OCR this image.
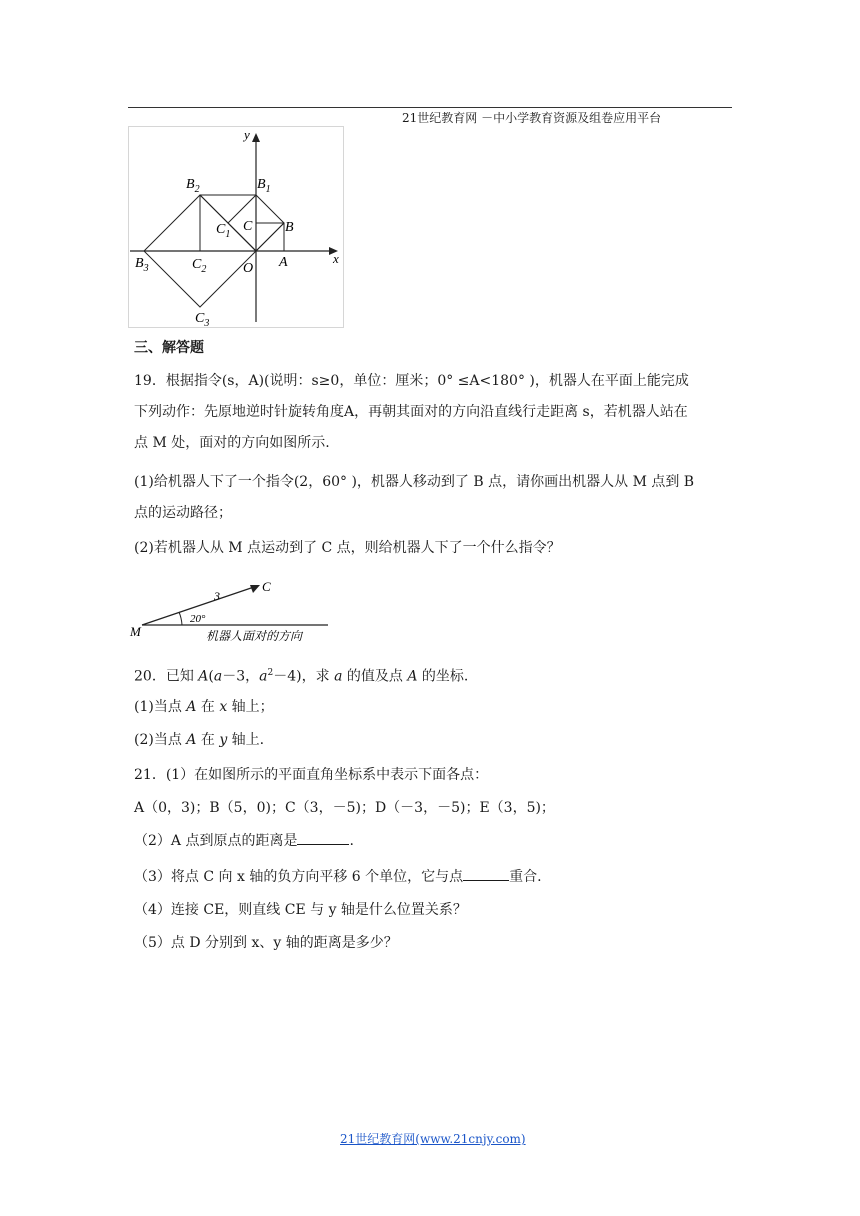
21世纪教育网 －中小学教育资源及组卷应用平台
y
x
$B_2$	$B_1$
C
$C_1$	B
$B_3$	$C_2$	O A
$C_3$
三、解答题
19．根据指令(s，A)(说明：s≥0，单位：厘米；0° ≤A<180° )，机器人在平面上能完成
下列动作：先原地逆时针旋转角度A，再朝其面对的方向沿直线行走距离 s，若机器人站在
点 M 处，面对的方向如图所示.
(1)给机器人下了一个指令(2，60° )，机器人移动到了 B 点，请你画出机器人从 M 点到 B
点的运动路径；
(2)若机器人从 M 点运动到了 C 点，则给机器人下了一个什么指令？
M
C
3
20°
机器人面对的方向
20．已知 A(a－3，$a^2-4$)，求 a 的值及点 A 的坐标.
(1)当点 A 在 x 轴上；
(2)当点 A 在 y 轴上.
21．(1）在如图所示的平面直角坐标系中表示下面各点：
A（0，3)；B（5，0)；C（3，－5)；D（－3，－5)；E（3，5)；
（2）A 点到原点的距离是	.
（3）将点 C 向 x 轴的负方向平移 6 个单位，它与点	重合.
（4）连接 CE，则直线 CE 与 y 轴是什么位置关系？
（5）点 D 分别到 x、y 轴的距离是多少？
21世纪教育网(www.21cnjy.com)
